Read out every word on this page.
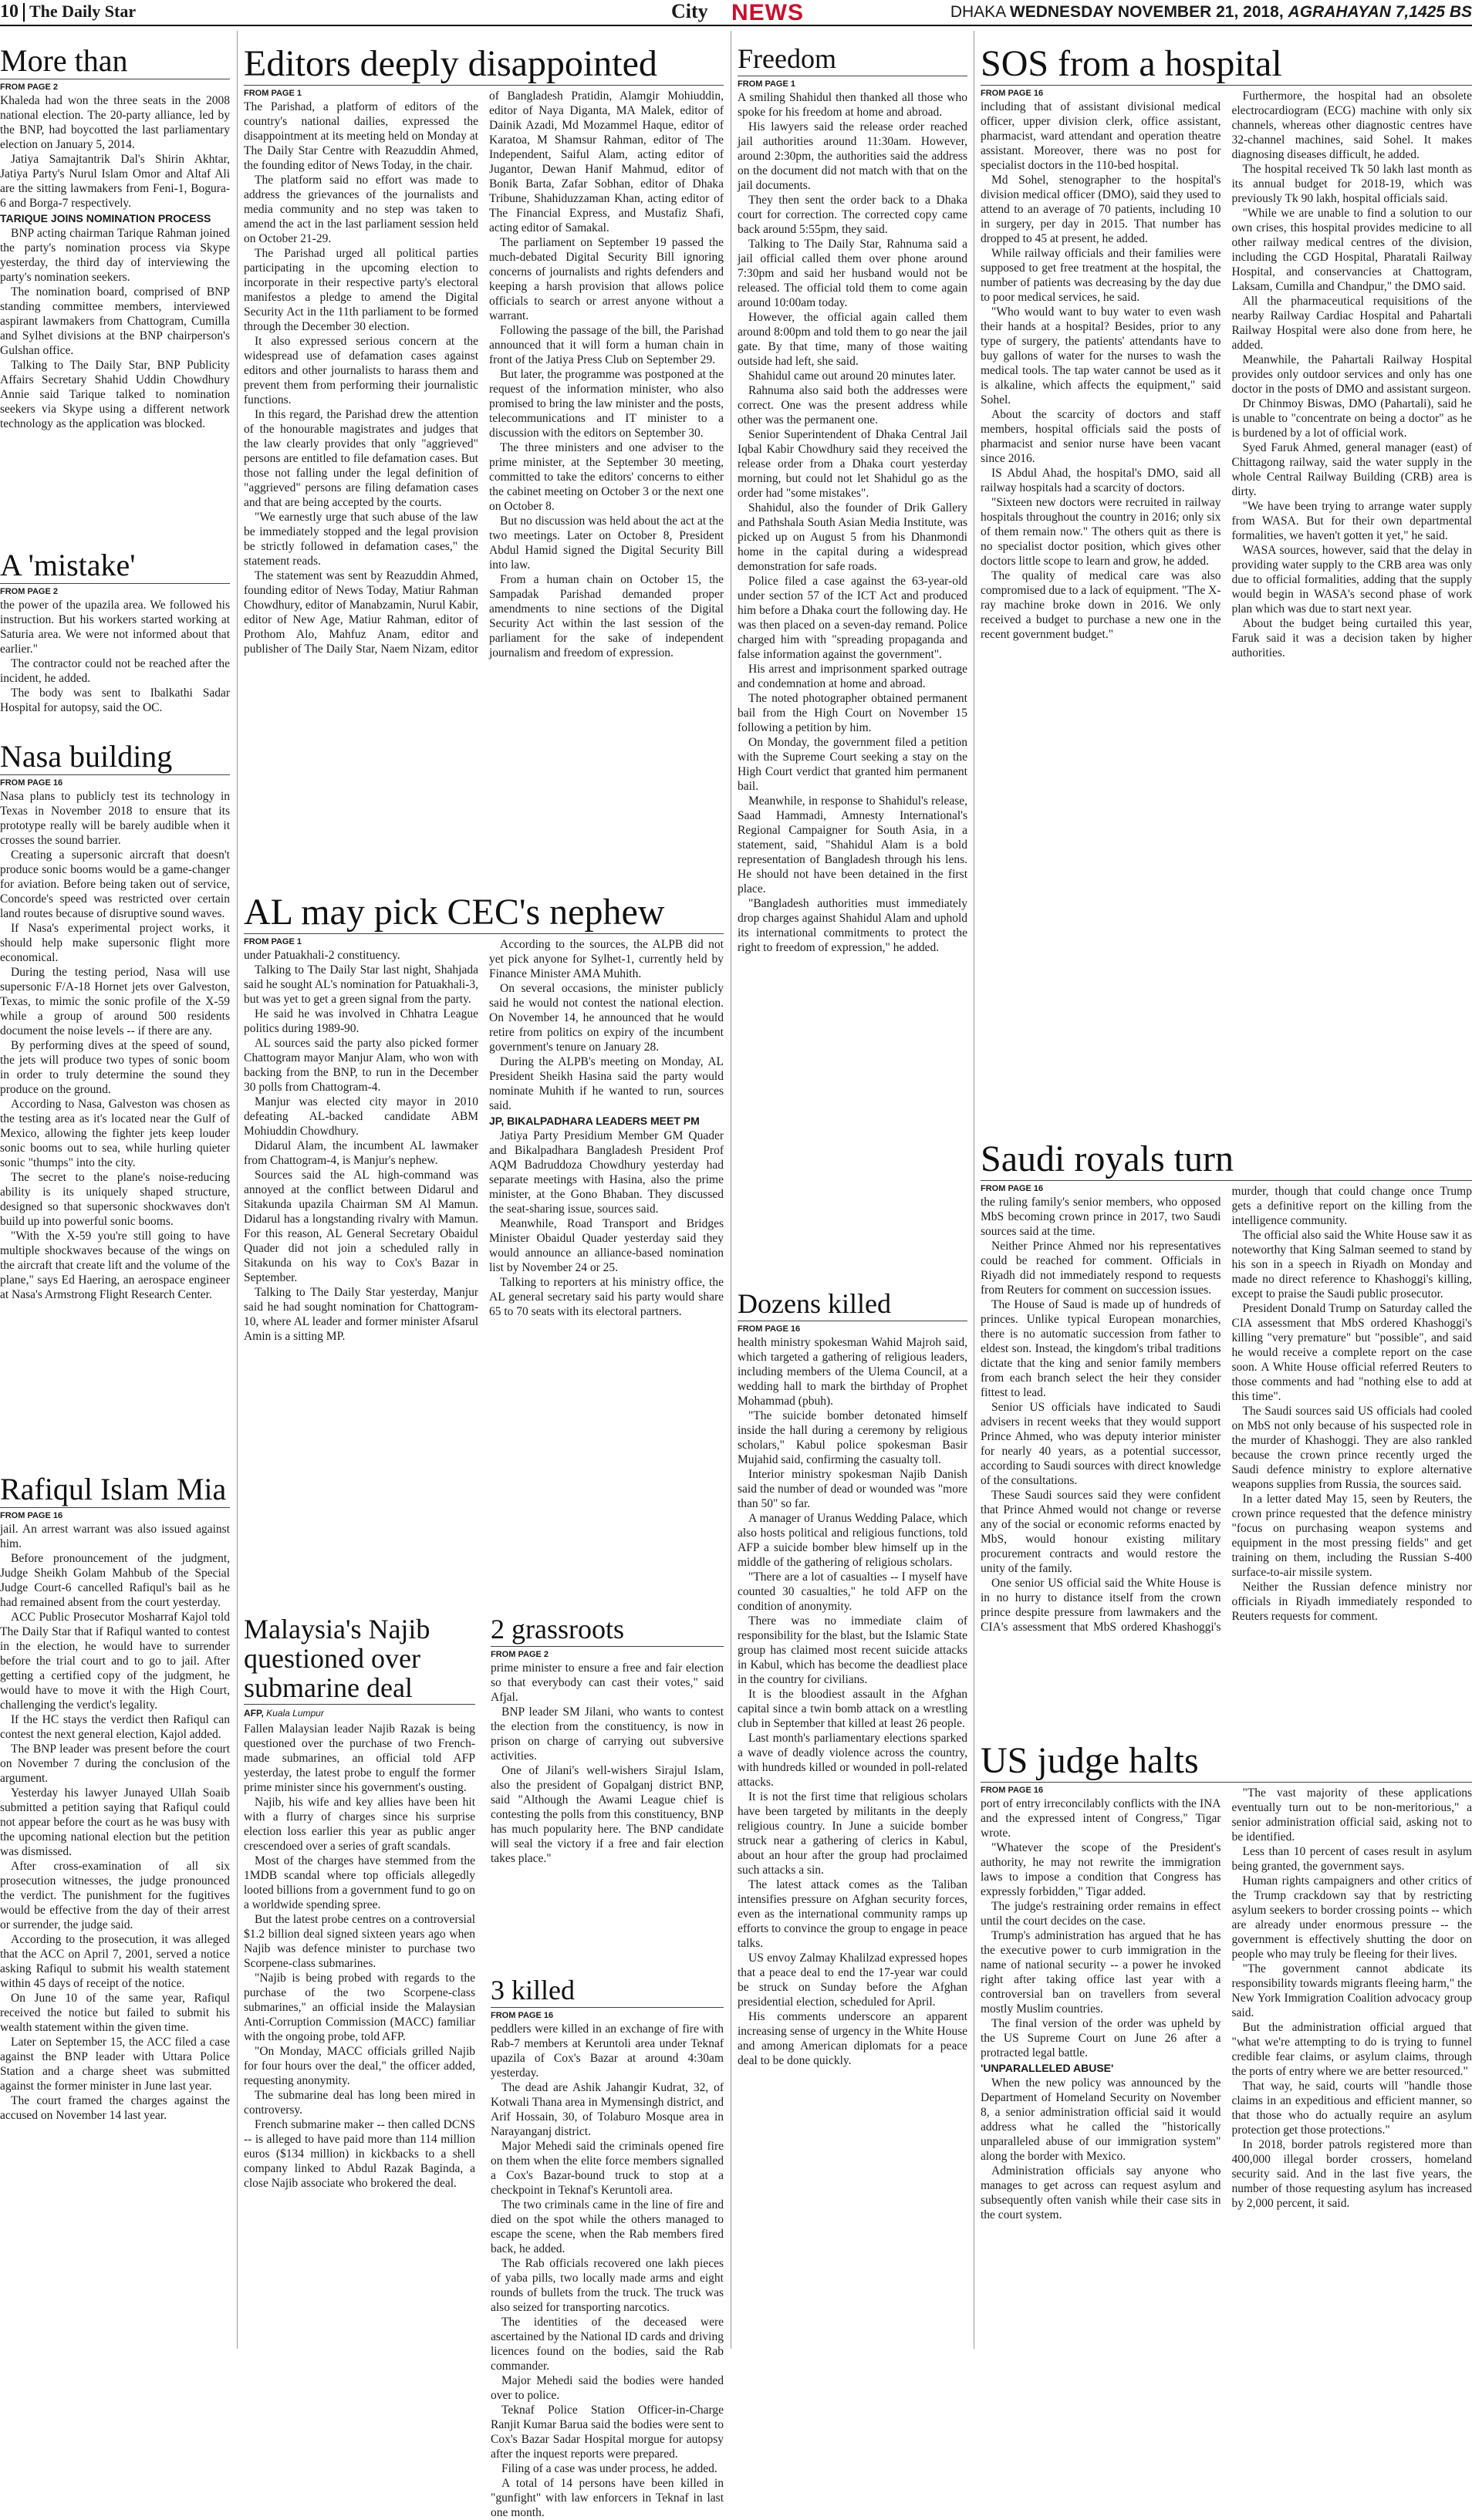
10 The Daily Star	City NEWS	DHAKA WEDNESDAY NOVEMBER 21, 2018, AGRAHAYAN 7,1425 BS
More than
FROM PAGE 2

Khaleda had won the three seats in the 2008 national election. The 20-party alliance, led by the BNP, had boycotted the last parliamentary election on January 5, 2014.

Jatiya Samajtantrik Dal's Shirin Akhtar, Jatiya Party's Nurul Islam Omor and Altaf Ali are the sitting lawmakers from Feni-1, Bogura-6 and Borga-7 respectively.

TARIQUE JOINS NOMINATION PROCESS

BNP acting chairman Tarique Rahman joined the party's nomination process via Skype yesterday, the third day of interviewing the party's nomination seekers.

The nomination board, comprised of BNP standing committee members, interviewed aspirant lawmakers from Chattogram, Cumilla and Sylhet divisions at the BNP chairperson's Gulshan office.

Talking to The Daily Star, BNP Publicity Affairs Secretary Shahid Uddin Chowdhury Annie said Tarique talked to nomination seekers via Skype using a different network technology as the application was blocked.

A 'mistake'
FROM PAGE 2

the power of the upazila area. We followed his instruction. But his workers started working at Saturia area. We were not informed about that earlier."

The contractor could not be reached after the incident, he added.

The body was sent to Ibalkathi Sadar Hospital for autopsy, said the OC.

Nasa building
FROM PAGE 16

Nasa plans to publicly test its technology in Texas in November 2018 to ensure that its prototype really will be barely audible when it crosses the sound barrier.

Creating a supersonic aircraft that doesn't produce sonic booms would be a game-changer for aviation. Before being taken out of service, Concorde's speed was restricted over certain land routes because of disruptive sound waves.

If Nasa's experimental project works, it should help make supersonic flight more economical.

During the testing period, Nasa will use supersonic F/A-18 Hornet jets over Galveston, Texas, to mimic the sonic profile of the X-59 while a group of around 500 residents document the noise levels -- if there are any.

By performing dives at the speed of sound, the jets will produce two types of sonic boom in order to truly determine the sound they produce on the ground.

According to Nasa, Galveston was chosen as the testing area as it's located near the Gulf of Mexico, allowing the fighter jets keep louder sonic booms out to sea, while hurling quieter sonic "thumps" into the city.

The secret to the plane's noise-reducing ability is its uniquely shaped structure, designed so that supersonic shockwaves don't build up into powerful sonic booms.

"With the X-59 you're still going to have multiple shockwaves because of the wings on the aircraft that create lift and the volume of the plane," says Ed Haering, an aerospace engineer at Nasa's Armstrong Flight Research Center.

Rafiqul Islam Mia
FROM PAGE 16

jail. An arrest warrant was also issued against him.

Before pronouncement of the judgment, Judge Sheikh Golam Mahbub of the Special Judge Court-6 cancelled Rafiqul's bail as he had remained absent from the court yesterday.

ACC Public Prosecutor Mosharraf Kajol told The Daily Star that if Rafiqul wanted to contest in the election, he would have to surrender before the trial court and to go to jail. After getting a certified copy of the judgment, he would have to move it with the High Court, challenging the verdict's legality.

If the HC stays the verdict then Rafiqul can contest the next general election, Kajol added.

The BNP leader was present before the court on November 7 during the conclusion of the argument.

Yesterday his lawyer Junayed Ullah Soaib submitted a petition saying that Rafiqul could not appear before the court as he was busy with the upcoming national election but the petition was dismissed.

After cross-examination of all six prosecution witnesses, the judge pronounced the verdict. The punishment for the fugitives would be effective from the day of their arrest or surrender, the judge said.

According to the prosecution, it was alleged that the ACC on April 7, 2001, served a notice asking Rafiqul to submit his wealth statement within 45 days of receipt of the notice.

On June 10 of the same year, Rafiqul received the notice but failed to submit his wealth statement within the given time.

Later on September 15, the ACC filed a case against the BNP leader with Uttara Police Station and a charge sheet was submitted against the former minister in June last year.

The court framed the charges against the accused on November 14 last year.

Editors deeply disappointed
FROM PAGE 1

The Parishad, a platform of editors of the country's national dailies, expressed the disappointment at its meeting held on Monday at The Daily Star Centre with Reazuddin Ahmed, the founding editor of News Today, in the chair.

The platform said no effort was made to address the grievances of the journalists and media community and no step was taken to amend the act in the last parliament session held on October 21-29.

The Parishad urged all political parties participating in the upcoming election to incorporate in their respective party's electoral manifestos a pledge to amend the Digital Security Act in the 11th parliament to be formed through the December 30 election.

It also expressed serious concern at the widespread use of defamation cases against editors and other journalists to harass them and prevent them from performing their journalistic functions.

In this regard, the Parishad drew the attention of the honourable magistrates and judges that the law clearly provides that only "aggrieved" persons are entitled to file defamation cases. But those not falling under the legal definition of "aggrieved" persons are filing defamation cases and that are being accepted by the courts.

"We earnestly urge that such abuse of the law be immediately stopped and the legal provision be strictly followed in defamation cases," the statement reads.

The statement was sent by Reazuddin Ahmed, founding editor of News Today, Matiur Rahman Chowdhury, editor of Manabzamin, Nurul Kabir, editor of New Age, Matiur Rahman, editor of Prothom Alo, Mahfuz Anam, editor and publisher of The Daily Star, Naem Nizam, editor of Bangladesh Pratidin, Alamgir Mohiuddin, editor of Naya Diganta, MA Malek, editor of Dainik Azadi, Md Mozammel Haque, editor of Karatoa, M Shamsur Rahman, editor of The Independent, Saiful Alam, acting editor of Jugantor, Dewan Hanif Mahmud, editor of Bonik Barta, Zafar Sobhan, editor of Dhaka Tribune, Shahiduzzaman Khan, acting editor of The Financial Express, and Mustafiz Shafi, acting editor of Samakal.

The parliament on September 19 passed the much-debated Digital Security Bill ignoring concerns of journalists and rights defenders and keeping a harsh provision that allows police officials to search or arrest anyone without a warrant.

Following the passage of the bill, the Parishad announced that it will form a human chain in front of the Jatiya Press Club on September 29.

But later, the programme was postponed at the request of the information minister, who also promised to bring the law minister and the posts, telecommunications and IT minister to a discussion with the editors on September 30.

The three ministers and one adviser to the prime minister, at the September 30 meeting, committed to take the editors' concerns to either the cabinet meeting on October 3 or the next one on October 8.

But no discussion was held about the act at the two meetings. Later on October 8, President Abdul Hamid signed the Digital Security Bill into law.

From a human chain on October 15, the Sampadak Parishad demanded proper amendments to nine sections of the Digital Security Act within the last session of the parliament for the sake of independent journalism and freedom of expression.

AL may pick CEC's nephew
FROM PAGE 1

under Patuakhali-2 constituency.

Talking to The Daily Star last night, Shahjada said he sought AL's nomination for Patuakhali-3, but was yet to get a green signal from the party.

He said he was involved in Chhatra League politics during 1989-90.

AL sources said the party also picked former Chattogram mayor Manjur Alam, who won with backing from the BNP, to run in the December 30 polls from Chattogram-4.

Manjur was elected city mayor in 2010 defeating AL-backed candidate ABM Mohiuddin Chowdhury.

Didarul Alam, the incumbent AL lawmaker from Chattogram-4, is Manjur's nephew.

Sources said the AL high-command was annoyed at the conflict between Didarul and Sitakunda upazila Chairman SM Al Mamun. Didarul has a longstanding rivalry with Mamun. For this reason, AL General Secretary Obaidul Quader did not join a scheduled rally in Sitakunda on his way to Cox's Bazar in September.

Talking to The Daily Star yesterday, Manjur said he had sought nomination for Chattogram-10, where AL leader and former minister Afsarul Amin is a sitting MP.

According to the sources, the ALPB did not yet pick anyone for Sylhet-1, currently held by Finance Minister AMA Muhith.

On several occasions, the minister publicly said he would not contest the national election. On November 14, he announced that he would retire from politics on expiry of the incumbent government's tenure on January 28.

During the ALPB's meeting on Monday, AL President Sheikh Hasina said the party would nominate Muhith if he wanted to run, sources said.

JP, BIKALPADHARA LEADERS MEET PM

Jatiya Party Presidium Member GM Quader and Bikalpadhara Bangladesh President Prof AQM Badruddoza Chowdhury yesterday had separate meetings with Hasina, also the prime minister, at the Gono Bhaban. They discussed the seat-sharing issue, sources said.

Meanwhile, Road Transport and Bridges Minister Obaidul Quader yesterday said they would announce an alliance-based nomination list by November 24 or 25.

Talking to reporters at his ministry office, the AL general secretary said his party would share 65 to 70 seats with its electoral partners.

Malaysia's Najib questioned over submarine deal
AFP, Kuala Lumpur

Fallen Malaysian leader Najib Razak is being questioned over the purchase of two French-made submarines, an official told AFP yesterday, the latest probe to engulf the former prime minister since his government's ousting.

Najib, his wife and key allies have been hit with a flurry of charges since his surprise election loss earlier this year as public anger crescendoed over a series of graft scandals.

Most of the charges have stemmed from the 1MDB scandal where top officials allegedly looted billions from a government fund to go on a worldwide spending spree.

But the latest probe centres on a controversial $1.2 billion deal signed sixteen years ago when Najib was defence minister to purchase two Scorpene-class submarines.

"Najib is being probed with regards to the purchase of the two Scorpene-class submarines," an official inside the Malaysian Anti-Corruption Commission (MACC) familiar with the ongoing probe, told AFP.

"On Monday, MACC officials grilled Najib for four hours over the deal," the officer added, requesting anonymity.

The submarine deal has long been mired in controversy.

French submarine maker -- then called DCNS -- is alleged to have paid more than 114 million euros ($134 million) in kickbacks to a shell company linked to Abdul Razak Baginda, a close Najib associate who brokered the deal.

2 grassroots
FROM PAGE 2

prime minister to ensure a free and fair election so that everybody can cast their votes," said Afjal.

BNP leader SM Jilani, who wants to contest the election from the constituency, is now in prison on charge of carrying out subversive activities.

One of Jilani's well-wishers Sirajul Islam, also the president of Gopalganj district BNP, said "Although the Awami League chief is contesting the polls from this constituency, BNP has much popularity here. The BNP candidate will seal the victory if a free and fair election takes place."

3 killed
FROM PAGE 16

peddlers were killed in an exchange of fire with Rab-7 members at Keruntoli area under Teknaf upazila of Cox's Bazar at around 4:30am yesterday.

The dead are Ashik Jahangir Kudrat, 32, of Kotwali Thana area in Mymensingh district, and Arif Hossain, 30, of Tolaburo Mosque area in Narayanganj district.

Major Mehedi said the criminals opened fire on them when the elite force members signalled a Cox's Bazar-bound truck to stop at a checkpoint in Teknaf's Keruntoli area.

The two criminals came in the line of fire and died on the spot while the others managed to escape the scene, when the Rab members fired back, he added.

The Rab officials recovered one lakh pieces of yaba pills, two locally made arms and eight rounds of bullets from the truck. The truck was also seized for transporting narcotics.

The identities of the deceased were ascertained by the National ID cards and driving licences found on the bodies, said the Rab commander.

Major Mehedi said the bodies were handed over to police.

Teknaf Police Station Officer-in-Charge Ranjit Kumar Barua said the bodies were sent to Cox's Bazar Sadar Hospital morgue for autopsy after the inquest reports were prepared.

Filing of a case was under process, he added.

A total of 14 persons have been killed in "gunfight" with law enforcers in Teknaf in last one month.

Freedom
FROM PAGE 1

A smiling Shahidul then thanked all those who spoke for his freedom at home and abroad.

His lawyers said the release order reached jail authorities around 11:30am. However, around 2:30pm, the authorities said the address on the document did not match with that on the jail documents.

They then sent the order back to a Dhaka court for correction. The corrected copy came back around 5:55pm, they said.

Talking to The Daily Star, Rahnuma said a jail official called them over phone around 7:30pm and said her husband would not be released. The official told them to come again around 10:00am today.

However, the official again called them around 8:00pm and told them to go near the jail gate. By that time, many of those waiting outside had left, she said.

Shahidul came out around 20 minutes later.

Rahnuma also said both the addresses were correct. One was the present address while other was the permanent one.

Senior Superintendent of Dhaka Central Jail Iqbal Kabir Chowdhury said they received the release order from a Dhaka court yesterday morning, but could not let Shahidul go as the order had "some mistakes".

Shahidul, also the founder of Drik Gallery and Pathshala South Asian Media Institute, was picked up on August 5 from his Dhanmondi home in the capital during a widespread demonstration for safe roads.

Police filed a case against the 63-year-old under section 57 of the ICT Act and produced him before a Dhaka court the following day. He was then placed on a seven-day remand. Police charged him with "spreading propaganda and false information against the government".

His arrest and imprisonment sparked outrage and condemnation at home and abroad.

The noted photographer obtained permanent bail from the High Court on November 15 following a petition by him.

On Monday, the government filed a petition with the Supreme Court seeking a stay on the High Court verdict that granted him permanent bail.

Meanwhile, in response to Shahidul's release, Saad Hammadi, Amnesty International's Regional Campaigner for South Asia, in a statement, said, "Shahidul Alam is a bold representation of Bangladesh through his lens. He should not have been detained in the first place.

"Bangladesh authorities must immediately drop charges against Shahidul Alam and uphold its international commitments to protect the right to freedom of expression," he added.

Dozens killed
FROM PAGE 16

health ministry spokesman Wahid Majroh said, which targeted a gathering of religious leaders, including members of the Ulema Council, at a wedding hall to mark the birthday of Prophet Mohammad (pbuh).

"The suicide bomber detonated himself inside the hall during a ceremony by religious scholars," Kabul police spokesman Basir Mujahid said, confirming the casualty toll.

Interior ministry spokesman Najib Danish said the number of dead or wounded was "more than 50" so far.

A manager of Uranus Wedding Palace, which also hosts political and religious functions, told AFP a suicide bomber blew himself up in the middle of the gathering of religious scholars.

"There are a lot of casualties -- I myself have counted 30 casualties," he told AFP on the condition of anonymity.

There was no immediate claim of responsibility for the blast, but the Islamic State group has claimed most recent suicide attacks in Kabul, which has become the deadliest place in the country for civilians.

It is the bloodiest assault in the Afghan capital since a twin bomb attack on a wrestling club in September that killed at least 26 people.

Last month's parliamentary elections sparked a wave of deadly violence across the country, with hundreds killed or wounded in poll-related attacks.

It is not the first time that religious scholars have been targeted by militants in the deeply religious country. In June a suicide bomber struck near a gathering of clerics in Kabul, about an hour after the group had proclaimed such attacks a sin.

The latest attack comes as the Taliban intensifies pressure on Afghan security forces, even as the international community ramps up efforts to convince the group to engage in peace talks.

US envoy Zalmay Khalilzad expressed hopes that a peace deal to end the 17-year war could be struck on Sunday before the Afghan presidential election, scheduled for April.

His comments underscore an apparent increasing sense of urgency in the White House and among American diplomats for a peace deal to be done quickly.

SOS from a hospital
FROM PAGE 16

including that of assistant divisional medical officer, upper division clerk, office assistant, pharmacist, ward attendant and operation theatre assistant. Moreover, there was no post for specialist doctors in the 110-bed hospital.

Md Sohel, stenographer to the hospital's division medical officer (DMO), said they used to attend to an average of 70 patients, including 10 in surgery, per day in 2015. That number has dropped to 45 at present, he added.

While railway officials and their families were supposed to get free treatment at the hospital, the number of patients was decreasing by the day due to poor medical services, he said.

"Who would want to buy water to even wash their hands at a hospital? Besides, prior to any type of surgery, the patients' attendants have to buy gallons of water for the nurses to wash the medical tools. The tap water cannot be used as it is alkaline, which affects the equipment," said Sohel.

About the scarcity of doctors and staff members, hospital officials said the posts of pharmacist and senior nurse have been vacant since 2016.

IS Abdul Ahad, the hospital's DMO, said all railway hospitals had a scarcity of doctors.

"Sixteen new doctors were recruited in railway hospitals throughout the country in 2016; only six of them remain now." The others quit as there is no specialist doctor position, which gives other doctors little scope to learn and grow, he added.

The quality of medical care was also compromised due to a lack of equipment. "The X-ray machine broke down in 2016. We only received a budget to purchase a new one in the recent government budget."

Furthermore, the hospital had an obsolete electrocardiogram (ECG) machine with only six channels, whereas other diagnostic centres have 32-channel machines, said Sohel. It makes diagnosing diseases difficult, he added.

The hospital received Tk 50 lakh last month as its annual budget for 2018-19, which was previously Tk 90 lakh, hospital officials said.

"While we are unable to find a solution to our own crises, this hospital provides medicine to all other railway medical centres of the division, including the CGD Hospital, Pharatali Railway Hospital, and conservancies at Chattogram, Laksam, Cumilla and Chandpur," the DMO said.

All the pharmaceutical requisitions of the nearby Railway Cardiac Hospital and Pahartali Railway Hospital were also done from here, he added.

Meanwhile, the Pahartali Railway Hospital provides only outdoor services and only has one doctor in the posts of DMO and assistant surgeon.

Dr Chinmoy Biswas, DMO (Pahartali), said he is unable to "concentrate on being a doctor" as he is burdened by a lot of official work.

Syed Faruk Ahmed, general manager (east) of Chittagong railway, said the water supply in the whole Central Railway Building (CRB) area is dirty.

"We have been trying to arrange water supply from WASA. But for their own departmental formalities, we haven't gotten it yet," he said.

WASA sources, however, said that the delay in providing water supply to the CRB area was only due to official formalities, adding that the supply would begin in WASA's second phase of work plan which was due to start next year.

About the budget being curtailed this year, Faruk said it was a decision taken by higher authorities.

Saudi royals turn
FROM PAGE 16

the ruling family's senior members, who opposed MbS becoming crown prince in 2017, two Saudi sources said at the time.

Neither Prince Ahmed nor his representatives could be reached for comment. Officials in Riyadh did not immediately respond to requests from Reuters for comment on succession issues.

The House of Saud is made up of hundreds of princes. Unlike typical European monarchies, there is no automatic succession from father to eldest son. Instead, the kingdom's tribal traditions dictate that the king and senior family members from each branch select the heir they consider fittest to lead.

Senior US officials have indicated to Saudi advisers in recent weeks that they would support Prince Ahmed, who was deputy interior minister for nearly 40 years, as a potential successor, according to Saudi sources with direct knowledge of the consultations.

These Saudi sources said they were confident that Prince Ahmed would not change or reverse any of the social or economic reforms enacted by MbS, would honour existing military procurement contracts and would restore the unity of the family.

One senior US official said the White House is in no hurry to distance itself from the crown prince despite pressure from lawmakers and the CIA's assessment that MbS ordered Khashoggi's murder, though that could change once Trump gets a definitive report on the killing from the intelligence community.

The official also said the White House saw it as noteworthy that King Salman seemed to stand by his son in a speech in Riyadh on Monday and made no direct reference to Khashoggi's killing, except to praise the Saudi public prosecutor.

President Donald Trump on Saturday called the CIA assessment that MbS ordered Khashoggi's killing "very premature" but "possible", and said he would receive a complete report on the case soon. A White House official referred Reuters to those comments and had "nothing else to add at this time".

The Saudi sources said US officials had cooled on MbS not only because of his suspected role in the murder of Khashoggi. They are also rankled because the crown prince recently urged the Saudi defence ministry to explore alternative weapons supplies from Russia, the sources said.

In a letter dated May 15, seen by Reuters, the crown prince requested that the defence ministry "focus on purchasing weapon systems and equipment in the most pressing fields" and get training on them, including the Russian S-400 surface-to-air missile system.

Neither the Russian defence ministry nor officials in Riyadh immediately responded to Reuters requests for comment.

US judge halts
FROM PAGE 16

port of entry irreconcilably conflicts with the INA and the expressed intent of Congress," Tigar wrote.

"Whatever the scope of the President's authority, he may not rewrite the immigration laws to impose a condition that Congress has expressly forbidden," Tigar added.

The judge's restraining order remains in effect until the court decides on the case.

Trump's administration has argued that he has the executive power to curb immigration in the name of national security -- a power he invoked right after taking office last year with a controversial ban on travellers from several mostly Muslim countries.

The final version of the order was upheld by the US Supreme Court on June 26 after a protracted legal battle.

'UNPARALLELED ABUSE'

When the new policy was announced by the Department of Homeland Security on November 8, a senior administration official said it would address what he called the "historically unparalleled abuse of our immigration system" along the border with Mexico.

Administration officials say anyone who manages to get across can request asylum and subsequently often vanish while their case sits in the court system.

"The vast majority of these applications eventually turn out to be non-meritorious," a senior administration official said, asking not to be identified.

Less than 10 percent of cases result in asylum being granted, the government says.

Human rights campaigners and other critics of the Trump crackdown say that by restricting asylum seekers to border crossing points -- which are already under enormous pressure -- the government is effectively shutting the door on people who may truly be fleeing for their lives.

"The government cannot abdicate its responsibility towards migrants fleeing harm," the New York Immigration Coalition advocacy group said.

But the administration official argued that "what we're attempting to do is trying to funnel credible fear claims, or asylum claims, through the ports of entry where we are better resourced."

That way, he said, courts will "handle those claims in an expeditious and efficient manner, so that those who do actually require an asylum protection get those protections."

In 2018, border patrols registered more than 400,000 illegal border crossers, homeland security said. And in the last five years, the number of those requesting asylum has increased by 2,000 percent, it said.
